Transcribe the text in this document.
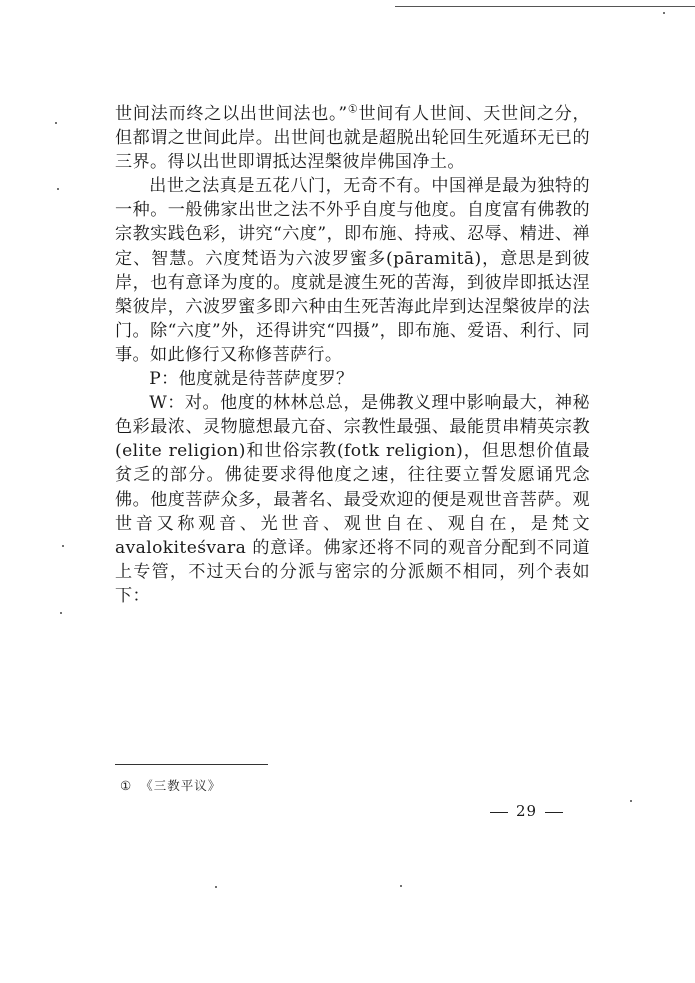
世间法而终之以出世间法也。”①世间有人世间、天世间之分，但都谓之世间此岸。出世间也就是超脱出轮回生死遁环无已的三界。得以出世即谓抵达涅槃彼岸佛国净土。

出世之法真是五花八门，无奇不有。中国禅是最为独特的一种。一般佛家出世之法不外乎自度与他度。自度富有佛教的宗教实践色彩，讲究“六度”，即布施、持戒、忍辱、精进、禅定、智慧。六度梵语为六波罗蜜多(pāramitā)，意思是到彼岸，也有意译为度的。度就是渡生死的苦海，到彼岸即抵达涅槃彼岸，六波罗蜜多即六种由生死苦海此岸到达涅槃彼岸的法门。除“六度”外，还得讲究“四摄”，即布施、爱语、利行、同事。如此修行又称修菩萨行。

P：他度就是待菩萨度罗？

W：对。他度的林林总总，是佛教义理中影响最大，神秘色彩最浓、灵物臆想最亢奋、宗教性最强、最能贯串精英宗教(elite religion)和世俗宗教(fotk religion)，但思想价值最贫乏的部分。佛徒要求得他度之速，往往要立誓发愿诵咒念佛。他度菩萨众多，最著名、最受欢迎的便是观世音菩萨。观世音又称观音、光世音、观世自在、观自在，是梵文 avalokiteśvara 的意译。佛家还将不同的观音分配到不同道上专管，不过天台的分派与密宗的分派颇不相同，列个表如下：

① 《三教平议》
29
